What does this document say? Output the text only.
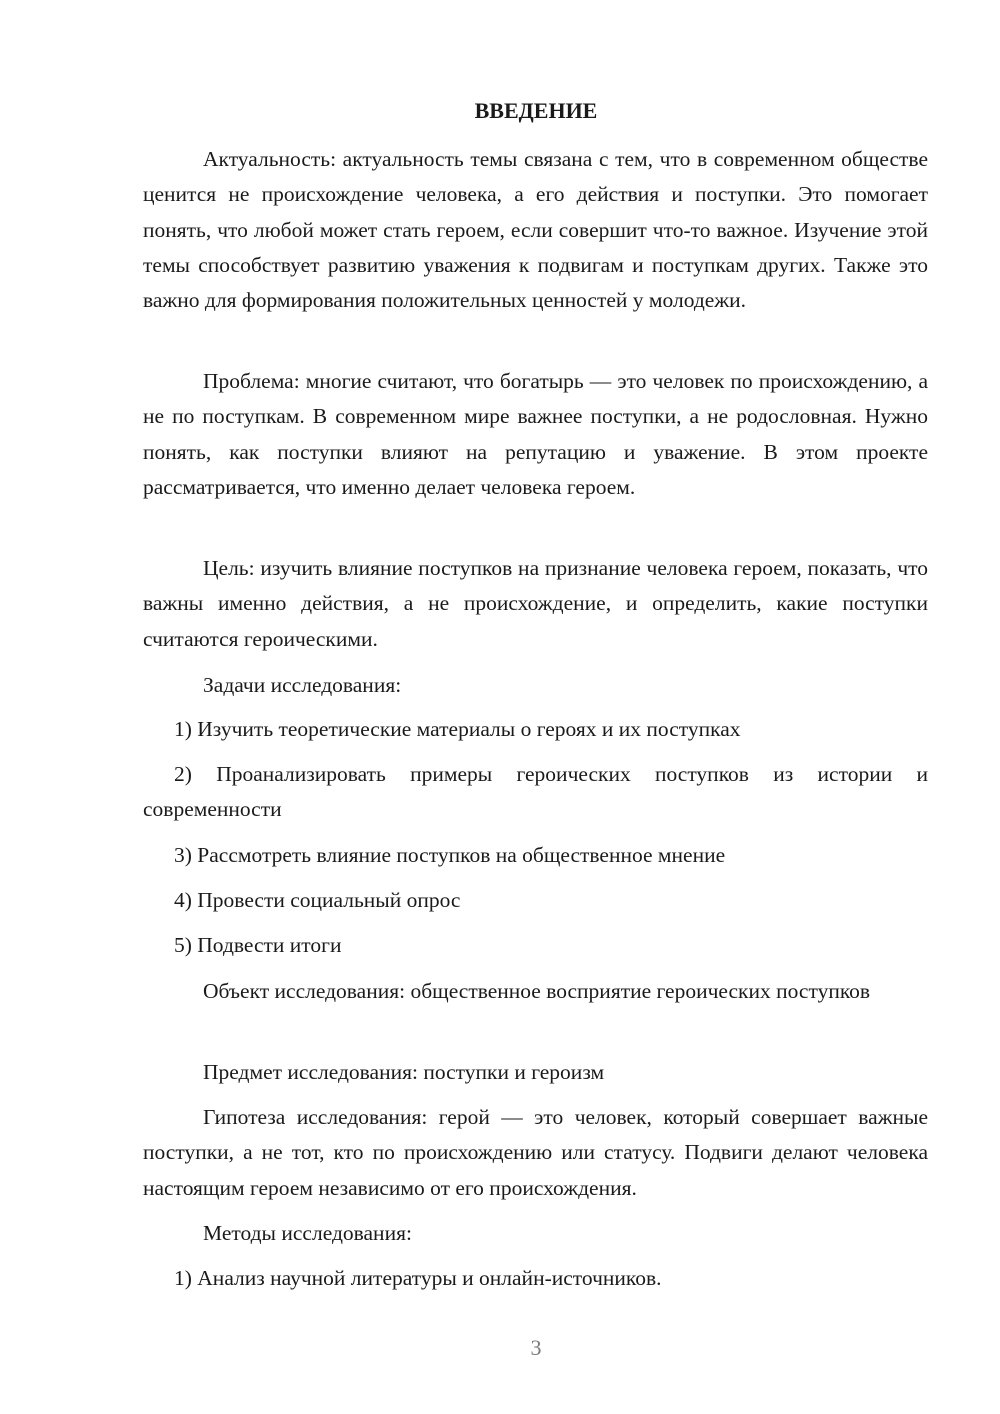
ВВЕДЕНИЕ

Актуальность: актуальность темы связана с тем, что в современном обществе ценится не происхождение человека, а его действия и поступки. Это помогает понять, что любой может стать героем, если совершит что-то важное. Изучение этой темы способствует развитию уважения к подвигам и поступкам других. Также это важно для формирования положительных ценностей у молодежи.

Проблема: многие считают, что богатырь — это человек по происхождению, а не по поступкам. В современном мире важнее поступки, а не родословная. Нужно понять, как поступки влияют на репутацию и уважение. В этом проекте рассматривается, что именно делает человека героем.

Цель: изучить влияние поступков на признание человека героем, показать, что важны именно действия, а не происхождение, и определить, какие поступки считаются героическими.

Задачи исследования:

1) Изучить теоретические материалы о героях и их поступках

2) Проанализировать примеры героических поступков из истории и современности

3) Рассмотреть влияние поступков на общественное мнение

4) Провести социальный опрос

5) Подвести итоги

Объект исследования: общественное восприятие героических поступков

Предмет исследования: поступки и героизм

Гипотеза исследования: герой — это человек, который совершает важные поступки, а не тот, кто по происхождению или статусу. Подвиги делают человека настоящим героем независимо от его происхождения.

Методы исследования:

1) Анализ научной литературы и онлайн-источников.

3
